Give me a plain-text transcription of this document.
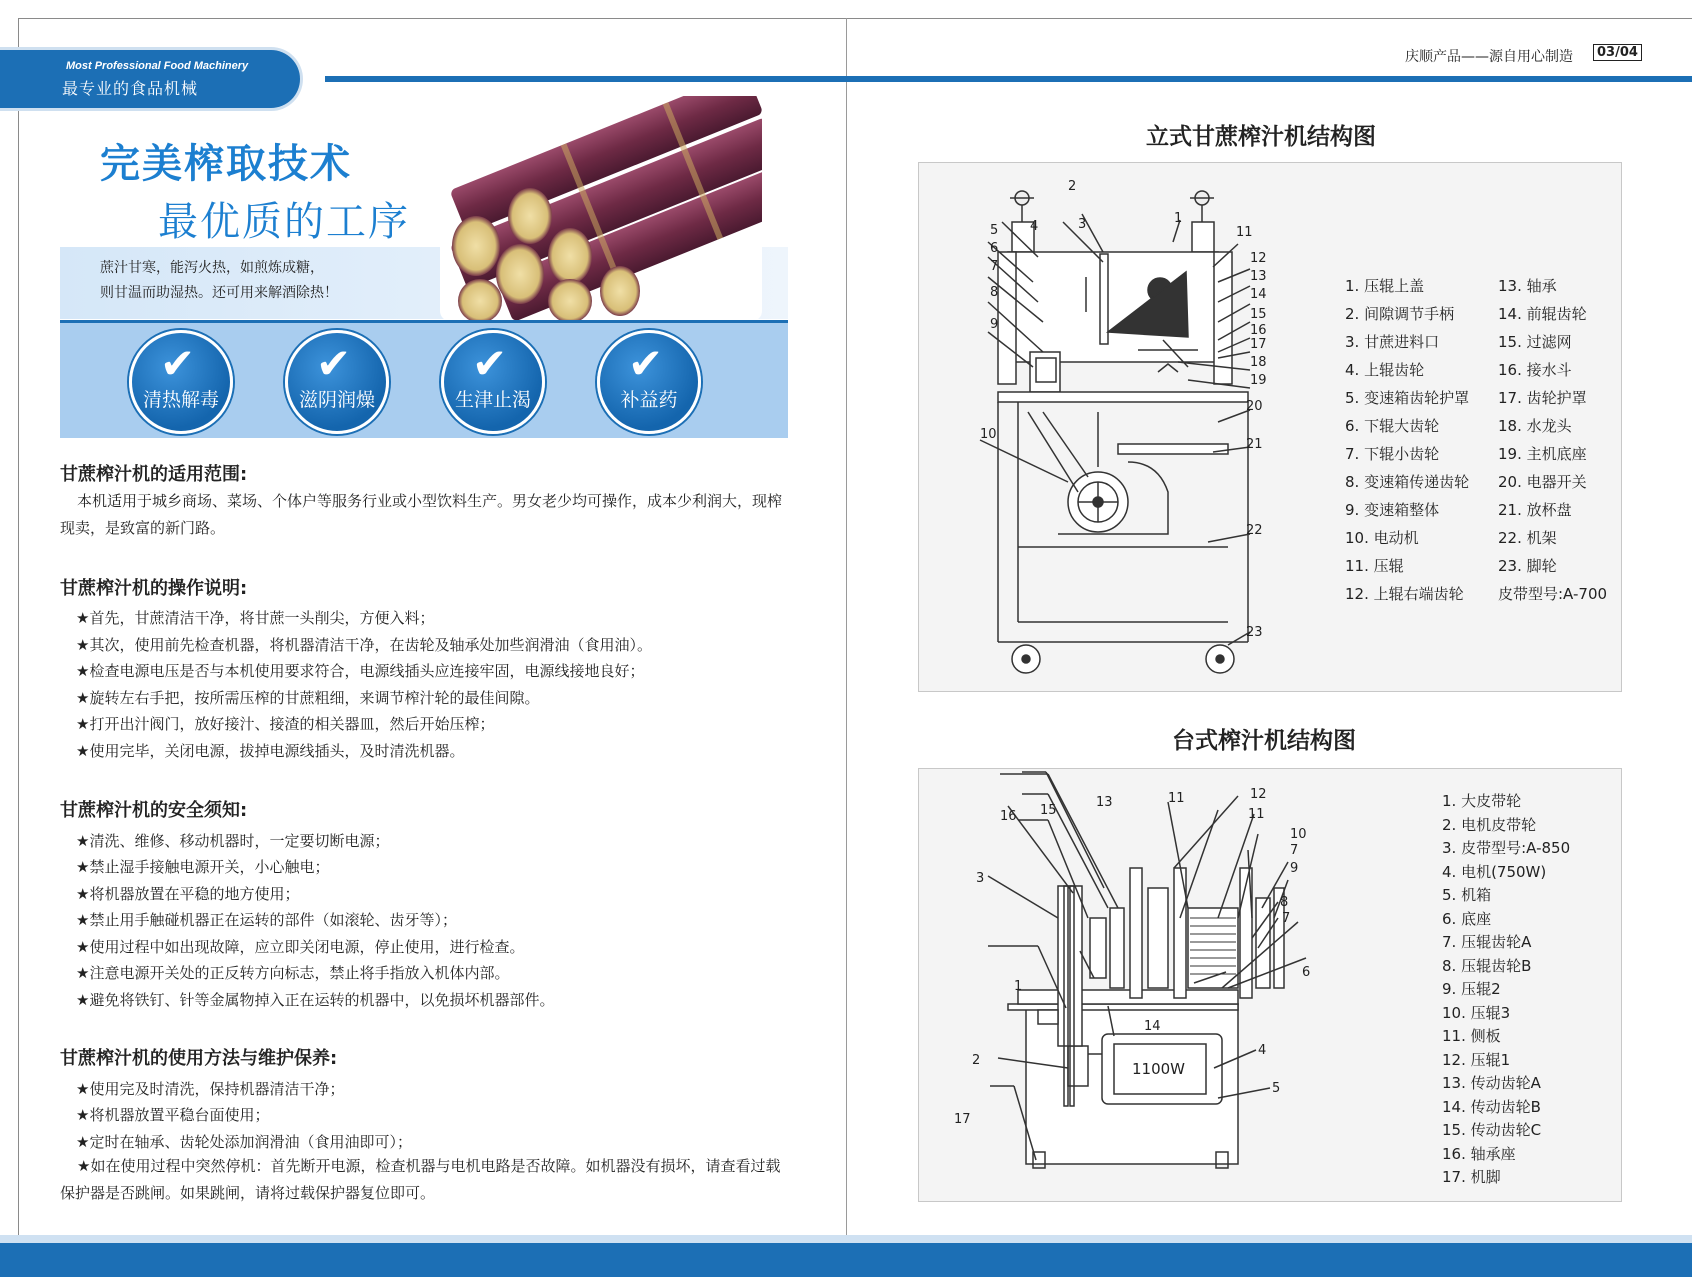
Most Professional Food Machinery
最专业的食品机械
完美榨取技术
最优质的工序
蔗汁甘寒，能泻火热，如煎炼成糖，
则甘温而助湿热。还可用来解酒除热！
✔
清热解毒
✔
滋阴润燥
✔
生津止渴
✔
补益药
甘蔗榨汁机的适用范围:
本机适用于城乡商场、菜场、个体户等服务行业或小型饮料生产。男女老少均可操作，成本少利润大，现榨现卖，是致富的新门路。
甘蔗榨汁机的操作说明:
★首先，甘蔗清洁干净，将甘蔗一头削尖，方便入料；
★其次，使用前先检查机器，将机器清洁干净，在齿轮及轴承处加些润滑油（食用油）。
★检查电源电压是否与本机使用要求符合，电源线插头应连接牢固，电源线接地良好；
★旋转左右手把，按所需压榨的甘蔗粗细，来调节榨汁轮的最佳间隙。
★打开出汁阀门，放好接汁、接渣的相关器皿，然后开始压榨；
★使用完毕，关闭电源，拔掉电源线插头，及时清洗机器。
甘蔗榨汁机的安全须知:
★清洗、维修、移动机器时，一定要切断电源；
★禁止湿手接触电源开关，小心触电；
★将机器放置在平稳的地方使用；
★禁止用手触碰机器正在运转的部件（如滚轮、齿牙等）；
★使用过程中如出现故障，应立即关闭电源，停止使用，进行检查。
★注意电源开关处的正反转方向标志，禁止将手指放入机体内部。
★避免将铁钉、针等金属物掉入正在运转的机器中，以免损坏机器部件。
甘蔗榨汁机的使用方法与维护保养:
★使用完及时清洗，保持机器清洁干净；
★将机器放置平稳台面使用；
★定时在轴承、齿轮处添加润滑油（食用油即可）；
★如在使用过程中突然停机：首先断开电源，检查机器与电机电路是否故障。如机器没有损坏，请查看过载保护器是否跳闸。如果跳闸，请将过载保护器复位即可。
庆顺产品——源自用心制造	03/04
立式甘蔗榨汁机结构图
2
1
3
4
5
6
7
8
9
10
11
12
13
14
15
16
17
18
19
20
21
22
23
1. 压辊上盖
2. 间隙调节手柄
3. 甘蔗进料口
4. 上辊齿轮
5. 变速箱齿轮护罩
6. 下辊大齿轮
7. 下辊小齿轮
8. 变速箱传递齿轮
9. 变速箱整体
10. 电动机
11. 压辊
12. 上辊右端齿轮
13. 轴承
14. 前辊齿轮
15. 过滤网
16. 接水斗
17. 齿轮护罩
18. 水龙头
19. 主机底座
20. 电器开关
21. 放杯盘
22. 机架
23. 脚轮
皮带型号:A-700
台式榨汁机结构图
1
2
3
4
5
6
7
7
8
9
10
11
11	12
13
14
15
16
17
1100W
1. 大皮带轮
2. 电机皮带轮
3. 皮带型号:A-850
4. 电机(750W)
5. 机箱
6. 底座
7. 压辊齿轮A
8. 压辊齿轮B
9. 压辊2
10. 压辊3
11. 侧板
12. 压辊1
13. 传动齿轮A
14. 传动齿轮B
15. 传动齿轮C
16. 轴承座
17. 机脚
